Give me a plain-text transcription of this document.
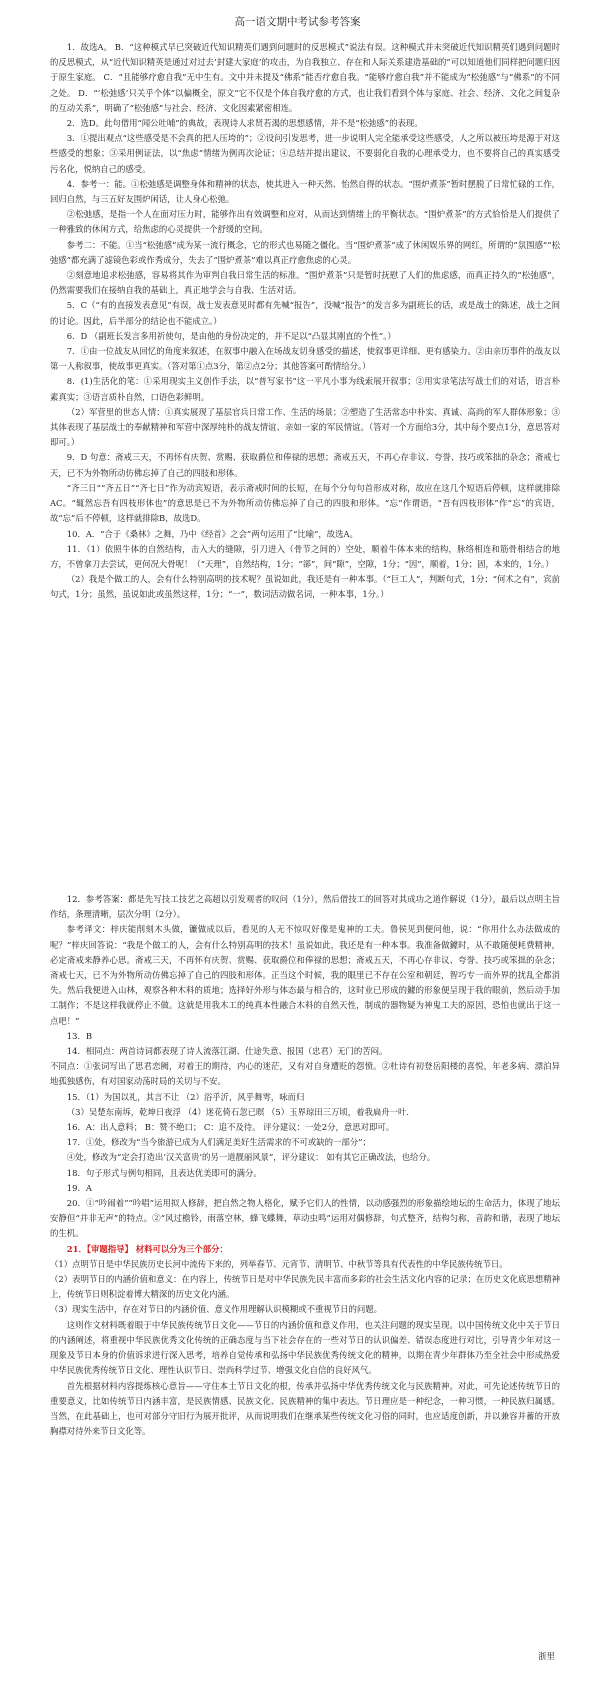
高一语文期中考试参考答案

1．故选A。 B．“这种模式早已突破近代知识精英们遇到问题时的反思模式”说法有误。这种模式并未突破近代知识精英们遇到问题时的反思模式，从“近代知识精英是通过对过去‘封建大家庭’的攻击，为自我独立、存在和人际关系建造基础的”可以知道他们同样把问题归因于原生家庭。 C．“且能够疗愈自我”无中生有。文中并未提及“佛系”能否疗愈自我。“能够疗愈自我”并不能成为“松弛感”与“佛系”的不同之处。 D．“‘松弛感’只关乎个体”以偏概全，原文“它不仅是个体自我疗愈的方式，也让我们看到个体与家庭、社会、经济、文化之间复杂的互动关系”，明确了“松弛感”与社会、经济、文化因素紧密相连。

2．选D。此句借用“闻公吐哺”的典故，表现诗人求贤若渴的思想感情，并不是“松弛感”的表现。

3．①提出观点“这些感受是不会真的把人压垮的”；②设问引发思考，进一步说明人完全能承受这些感受，人之所以被压垮是源于对这些感受的想象；③采用例证法，以“焦虑”情绪为例再次论证；④总结并提出建议，不要弱化自我的心理承受力，也不要将自己的真实感受污名化，悦纳自己的感受。

4．参考一：能。①松弛感是调整身体和精神的状态，使其进入一种天然、怡然自得的状态。“围炉煮茶”暂时摆脱了日常忙碌的工作，回归自然，与三五好友围炉闲话，让人身心松弛。

②松弛感，是指一个人在面对压力时，能够作出有效调整和应对，从而达到情绪上的平衡状态。“围炉煮茶”的方式恰恰是人们提供了一种雅致的休闲方式，给焦虑的心灵提供一个舒缓的空间。

参考二：不能。①当“松弛感”成为某一流行概念，它的形式也易随之僵化。当“围炉煮茶”成了休闲娱乐界的网红，所谓的“氛围感”“松弛感”都充满了滤镜色彩或作秀成分，失去了“围炉煮茶”难以真正疗愈焦虑的心灵。

②刻意地追求松弛感，容易将其作为审判自我日常生活的标准。“围炉煮茶”只是暂时抚慰了人们的焦虑感，而真正持久的“松弛感”，仍然需要我们在接纳自我的基础上，真正地学会与自我、生活对话。

5．C（“有的直接发表意见”有误，战士发表意见时都有先喊“报告”，没喊“报告”的发言多为副班长的话，或是战士的陈述，战士之间的讨论。因此，后半部分的结论也不能成立。）

6．D （副班长发言多用祈使句，是由他的身份决定的，并不足以“凸显其刚直的个性”。）

7．①由一位战友从回忆的角度来叙述，在叙事中融入在场战友切身感受的描述，使叙事更详细、更有感染力。②由亲历事件的战友以第一人称叙事，使故事更真实。（答对第①点3分，第②点2分；其他答案可酌情给分。）

8．(1)生活化的笔：①采用现实主义创作手法，以“普写家书”这一平凡小事为线索展开叙事；②用实录笔法写战士们的对话，语言朴素真实；③语言质朴自然，口语色彩鲜明。

（2）军营里的世态人情：①真实展现了基层官兵日常工作、生活的场景；②塑造了生活常态中朴实、真诚、高尚的军人群体形象；③其体表现了基层战士的奉献精神和军营中深厚纯朴的战友情谊、亲如一家的军民情谊。（答对一个方面给3分，其中每个要点1分，意思答对即可。）

9．D 句意：斋戒三天，不再怀有庆贺、赏赐、获取爵位和俸禄的思想；斋戒五天，不再心存非议、夸誉、技巧或笨拙的杂念；斋戒七天，已不为外物所动仿佛忘掉了自己的四肢和形体。

“齐三日”“齐五日”“齐七日”作为动宾短语，表示斋戒时间的长短，在每个分句句首形成对称，故应在这几个短语后停顿，这样就排除AC。“辄然忘吾有四枝形体也”的意思是已不为外物所动仿佛忘掉了自己的四肢和形体。“忘”作谓语，“吾有四枝形体”作“忘”的宾语，故“忘”后不停顿，这样就排除B，故选D。

10．A．“合于《桑林》之舞，乃中《经首》之会”两句运用了“比喻”，故选A。

11．（1）依照牛体的自然结构，击入大的缝隙，引刀进入（骨节之间的）空处，顺着牛体本来的结构，脉络相连和筋骨相结合的地方，不曾拿刀去尝试，更何况大骨呢！（“天理”，自然结构，1分；“郤”，间“隙”，空隙，1分；“因”，顺着，1分；固，本来的，1分。）

（2）我是个做工的人，会有什么特别高明的技术呢？虽说如此，我还是有一种本事。（“巨工人”，判断句式，1分；“何术之有”，宾前句式，1分；虽然，虽说如此或虽然这样，1分；“一”，数词活动做名词，一种本事，1分。）

12．参考答案：都是先写技工技艺之高超以引发观者的叹问（1分），然后借技工的回答对其成功之道作解说（1分），最后以点明主旨作结，条理清晰，层次分明（2分）。

参考译文：梓庆能削刻木头做，镰做成以后，看见的人无不惊叹好像是鬼神的工夫。鲁侯见到便问他，说：“你用什么办法做成的呢？”梓庆回答说：“我是个做工的人，会有什么特别高明的技术！虽说如此，我还是有一种本事。我准备做鐻时，从不敢随便耗费精神，必定斋戒来静养心思。斋戒三天，不再怀有庆贺、赏赐、获取爵位和俸禄的思想；斋戒五天，不再心存非议、夸誉、技巧或笨拙的杂念；斋戒七天，已不为外物所动仿佛忘掉了自己的四肢和形体。正当这个时候，我的眼里已不存在公室和朝廷，智巧专一而外界的扰乱全都消失。然后我便进入山林，观察各种木料的质地；选择好外形与体态最与相合的，这时业已形成的鐻的形象便呈现于我的眼前，然后动手加工制作；不是这样我就停止不做。这就是用我木工的纯真本性融合木料的自然天性，制成的器物疑为神鬼工夫的原因，恐怕也就出于这一点吧！”

13．B

14．相同点：两首诗词都表现了诗人流落江湖、仕途失意、报国（忠君）无门的苦闷。

不同点：①张词写出了思君恋阙，对着王的期待，内心的迷茫，又有对自身遭贬的怨愤。②杜诗有初登岳阳楼的喜悦，年老多病、漂泊异地孤独感伤，有对国家动荡时局的关切与不安。

15．（1）为国以礼，其言不让 （2）浴乎沂，风乎舞雩，咏而归

（3）吴楚东南坼，乾坤日夜浮 （4）迷花倚石忽已暝 （5）玉界琼田三万顷，着我扁舟一叶．

16．A：出人意料； B：赞不绝口； C：追不及待。 评分建议：一处2分，意思对即可。

17．①处，修改为“当今旅游已成为人们满足美好生活需求的不可或缺的一部分”；

④处，修改为“定会打造出‘汉关富贵’的另一道靓丽风景”，评分建议： 如有其它正确改法，也给分。

18．句子形式与例句相同，且表达优美即可的满分。

19．A

20．①“吟闹着”“吟唱”运用拟人修辞，把自然之物人格化，赋予它们人的性情，以动感强烈的形象描绘地坛的生命活力，体现了地坛安静但“并非无声”的特点。②“风过檐铃，雨落空林，蜂飞蝶舞，草动虫鸣”运用对偶修辞，句式整齐，结构匀称，音韵和谐，表现了地坛的生机。

21．【审题指导】 材料可以分为三个部分：

（1）点明节日是中华民族历史长河中流传下来的，列举春节、元宵节、清明节、中秋节等具有代表性的中华民族传统节日。

（2）表明节日的内涵价值和意义：在内容上，传统节日是对中华民族先民丰富而多彩的社会生活文化内容的记录；在历史文化底思想精神上，传统节日则积淀着博大精深的历史文化内涵。

（3）现实生活中，存在对节日的内涵价值、意义作用理解认识模糊或不重视节日的问题。

这则作文材料既着眼于中华民族传统节日文化——节日的内涵价值和意义作用，也关注问题的现实呈现。以中国传统文化中关于节日的内涵阐述，将重视中华民族优秀文化传统的正确态度与当下社会存在的一些对节日的认识偏差、错误态度进行对比，引导青少年对这一现象及节日本身的价值诉求进行深入思考，培养自觉传承和弘扬中华民族优秀传统文化的精神，以期在青少年群体乃至全社会中形成热爱中华民族优秀传统节日文化、理性认识节日、崇尚科学过节、增强文化自信的良好风气。

首先根据材料内容提炼核心意旨——守住本土节日文化的根，传承并弘扬中华优秀传统文化与民族精神。对此，可先论述传统节日的重要意义，比如传统节日内涵丰富，是民族情感、民族文化、民族精神的集中表达。节日理应是一种纪念，一种习惯，一种民族归属感。当然，在此基础上，也可对部分守旧行为展开批评，从而说明我们在继承某些传统文化习俗的同时，也应适度创新，并以兼容并蓄的开放胸襟对待外来节日文化等。

浙里
